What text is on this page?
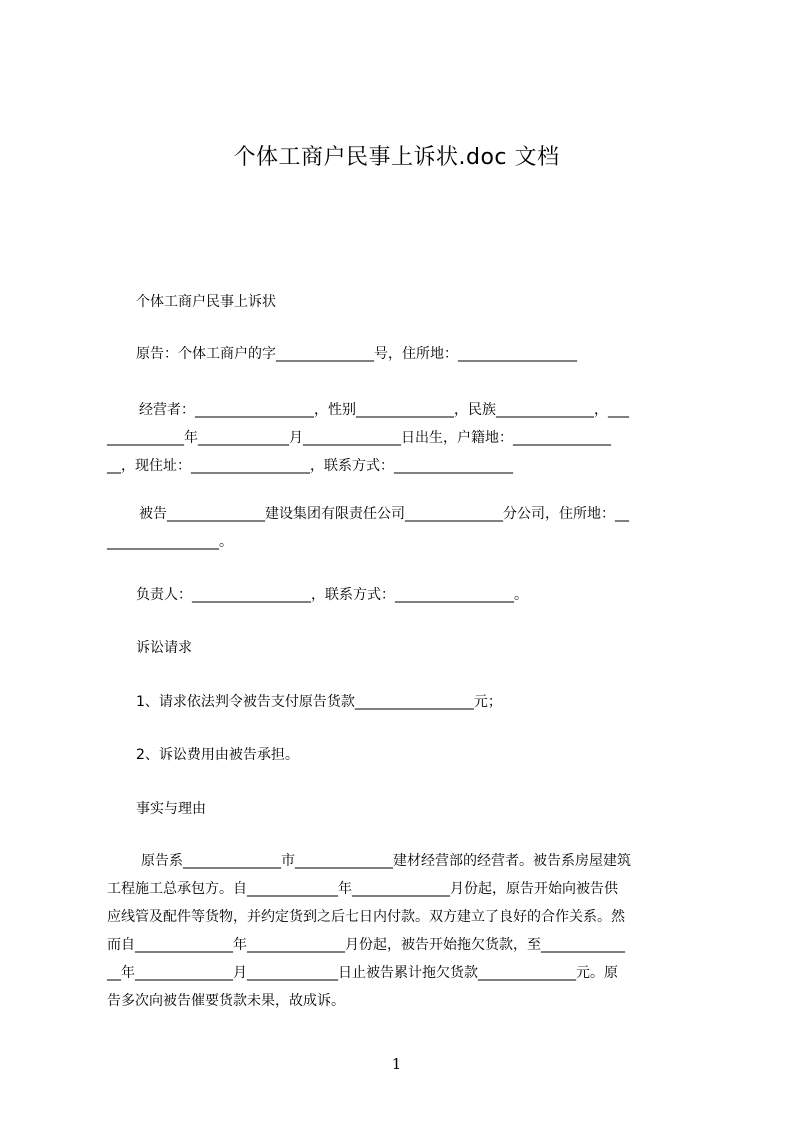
个体工商户民事上诉状.doc 文档
个体工商户民事上诉状
原告：个体工商户的字______________号，住所地：_________________
经营者：_________________，性别______________，民族______________，___
___________年_____________月______________日出生，户籍地：______________
__，现住址：_________________，联系方式：_________________
被告______________建设集团有限责任公司______________分公司，住所地：__
________________。
负责人：_________________，联系方式：_________________。
诉讼请求
1、请求依法判令被告支付原告货款_________________元；
2、诉讼费用由被告承担。
事实与理由
原告系______________市______________建材经营部的经营者。被告系房屋建筑
工程施工总承包方。自_____________年______________月份起，原告开始向被告供
应线管及配件等货物，并约定货到之后七日内付款。双方建立了良好的合作关系。然
而自______________年______________月份起，被告开始拖欠货款，至____________
__年______________月_____________日止被告累计拖欠货款______________元。原
告多次向被告催要货款未果，故成诉。
1
